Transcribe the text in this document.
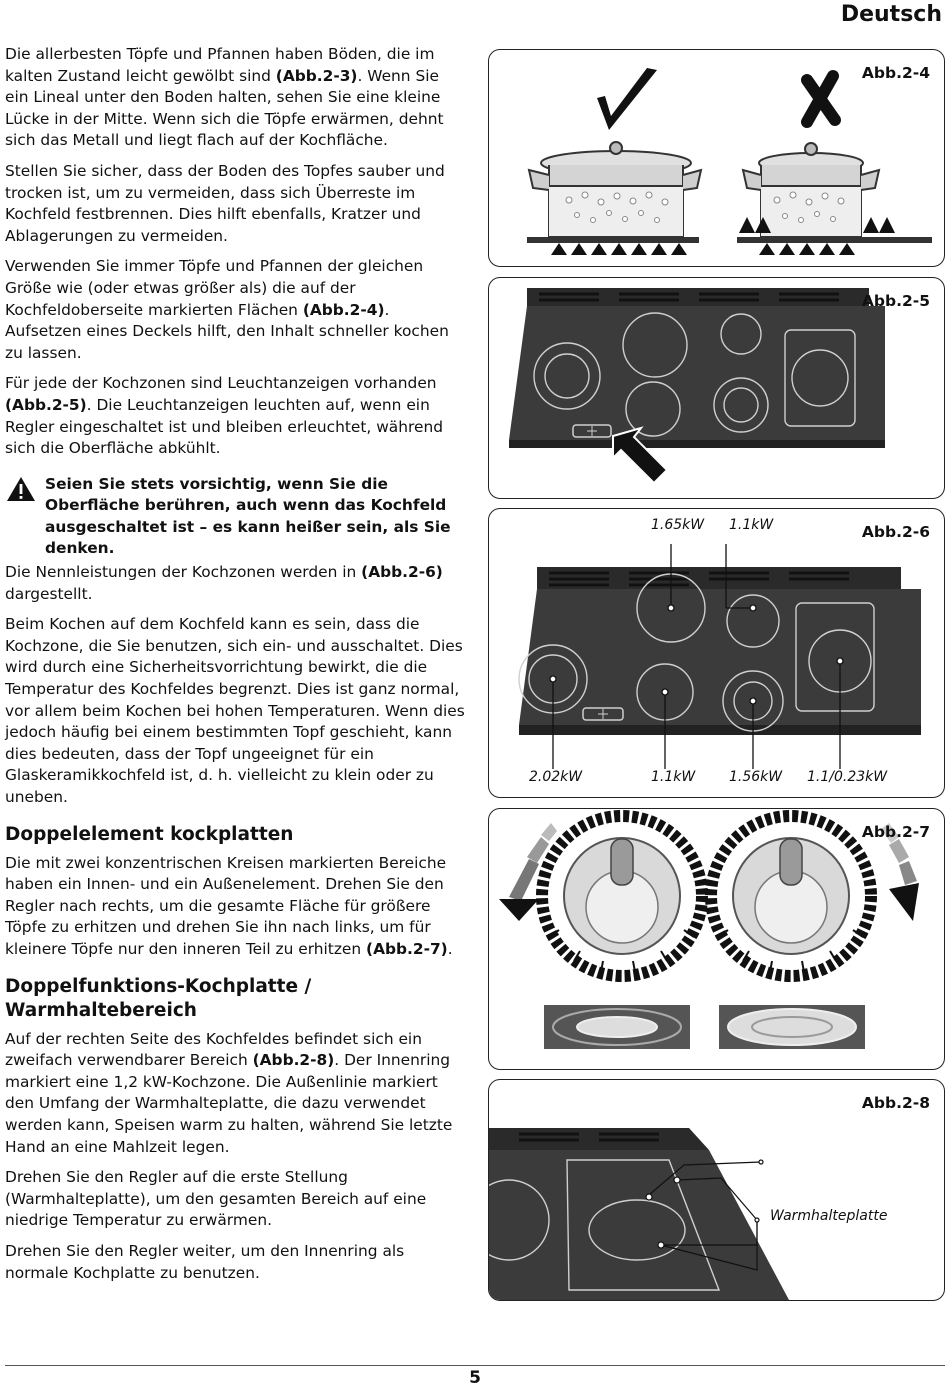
Deutsch

Die allerbesten Töpfe und Pfannen haben Böden, die im kalten Zustand leicht gewölbt sind (Abb.2-3). Wenn Sie ein Lineal unter den Boden halten, sehen Sie eine kleine Lücke in der Mitte. Wenn sich die Töpfe erwärmen, dehnt sich das Metall und liegt flach auf der Kochfläche.

Stellen Sie sicher, dass der Boden des Topfes sauber und trocken ist, um zu vermeiden, dass sich Überreste im Kochfeld festbrennen. Dies hilft ebenfalls, Kratzer und Ablagerungen zu vermeiden.

Verwenden Sie immer Töpfe und Pfannen der gleichen Größe wie (oder etwas größer als) die auf der Kochfeldoberseite markierten Flächen (Abb.2-4). Aufsetzen eines Deckels hilft, den Inhalt schneller kochen zu lassen.

Für jede der Kochzonen sind Leuchtanzeigen vorhanden (Abb.2-5). Die Leuchtanzeigen leuchten auf, wenn ein Regler eingeschaltet ist und bleiben erleuchtet, während sich die Oberfläche abkühlt.

Seien Sie stets vorsichtig, wenn Sie die Oberfläche berühren, auch wenn das Kochfeld ausgeschaltet ist – es kann heißer sein, als Sie denken.

Die Nennleistungen der Kochzonen werden in (Abb.2-6) dargestellt.

Beim Kochen auf dem Kochfeld kann es sein, dass die Kochzone, die Sie benutzen, sich ein- und ausschaltet. Dies wird durch eine Sicherheitsvorrichtung bewirkt, die die Temperatur des Kochfeldes begrenzt. Dies ist ganz normal, vor allem beim Kochen bei hohen Temperaturen. Wenn dies jedoch häufig bei einem bestimmten Topf geschieht, kann dies bedeuten, dass der Topf ungeeignet für ein Glaskeramikkochfeld ist, d. h. vielleicht zu klein oder zu uneben.

Doppelelement kockplatten

Die mit zwei konzentrischen Kreisen markierten Bereiche haben ein Innen- und ein Außenelement. Drehen Sie den Regler nach rechts, um die gesamte Fläche für größere Töpfe zu erhitzen und drehen Sie ihn nach links, um für kleinere Töpfe nur den inneren Teil zu erhitzen (Abb.2-7).

Doppelfunktions-Kochplatte / Warmhaltebereich

Auf der rechten Seite des Kochfeldes befindet sich ein zweifach verwendbarer Bereich (Abb.2-8). Der Innenring markiert eine 1,2 kW-Kochzone. Die Außenlinie markiert den Umfang der Warmhalteplatte, die dazu verwendet werden kann, Speisen warm zu halten, während Sie letzte Hand an eine Mahlzeit legen.

Drehen Sie den Regler auf die erste Stellung (Warmhalteplatte), um den gesamten Bereich auf eine niedrige Temperatur zu erwärmen.

Drehen Sie den Regler weiter, um den Innenring als normale Kochplatte zu benutzen.

Abb.2-4
Abb.2-5
Abb.2-6
1.65kW 1.1kW
2.02kW	1.1kW 1.56kW 1.1/0.23kW
Abb.2-7
Abb.2-8
Warmhalteplatte
5
